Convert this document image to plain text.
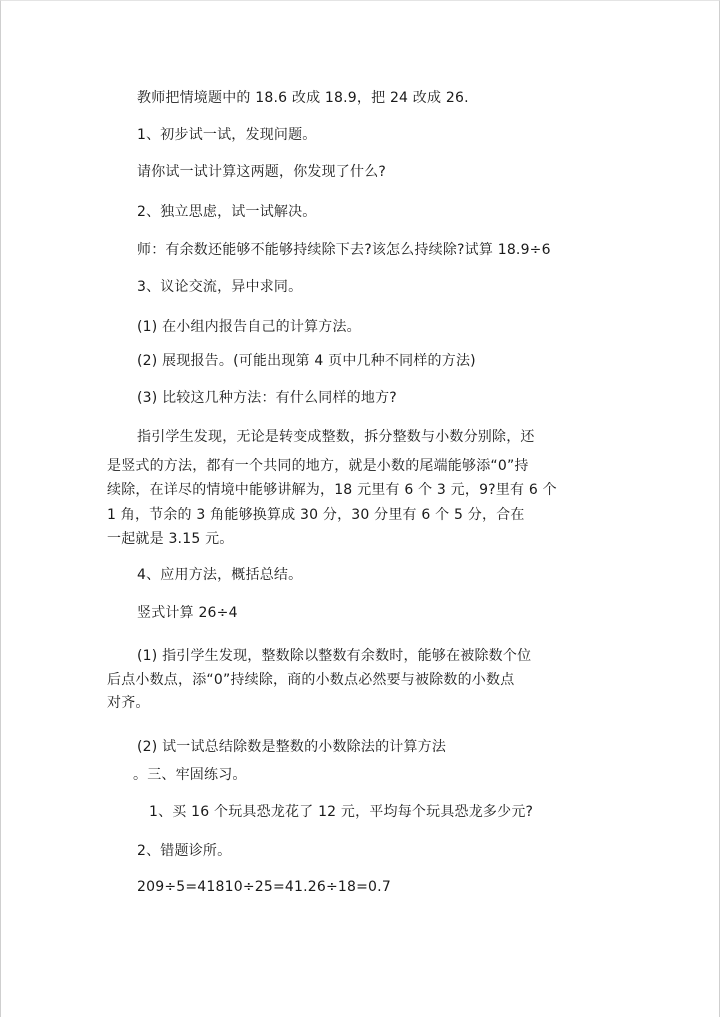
教师把情境题中的 18.6 改成 18.9，把 24 改成 26.
1、初步试一试，发现问题。
请你试一试计算这两题，你发现了什么?
2、独立思虑，试一试解决。
师：有余数还能够不能够持续除下去?该怎么持续除?试算 18.9÷6
3、议论交流，异中求同。
(1) 在小组内报告自己的计算方法。
(2) 展现报告。(可能出现第 4 页中几种不同样的方法)
(3) 比较这几种方法：有什么同样的地方?
指引学生发现，无论是转变成整数，拆分整数与小数分别除，还
是竖式的方法，都有一个共同的地方，就是小数的尾端能够添“0”持
续除，在详尽的情境中能够讲解为，18 元里有 6 个 3 元，9?里有 6 个
1 角，节余的 3 角能够换算成 30 分，30 分里有 6 个 5 分，合在
一起就是 3.15 元。
4、应用方法，概括总结。
竖式计算 26÷4
(1) 指引学生发现，整数除以整数有余数时，能够在被除数个位
后点小数点，添“0”持续除，商的小数点必然要与被除数的小数点
对齐。
(2) 试一试总结除数是整数的小数除法的计算方法
。三、牢固练习。
1、买 16 个玩具恐龙花了 12 元，平均每个玩具恐龙多少元?
2、错题诊所。
209÷5=41810÷25=41.26÷18=0.7
